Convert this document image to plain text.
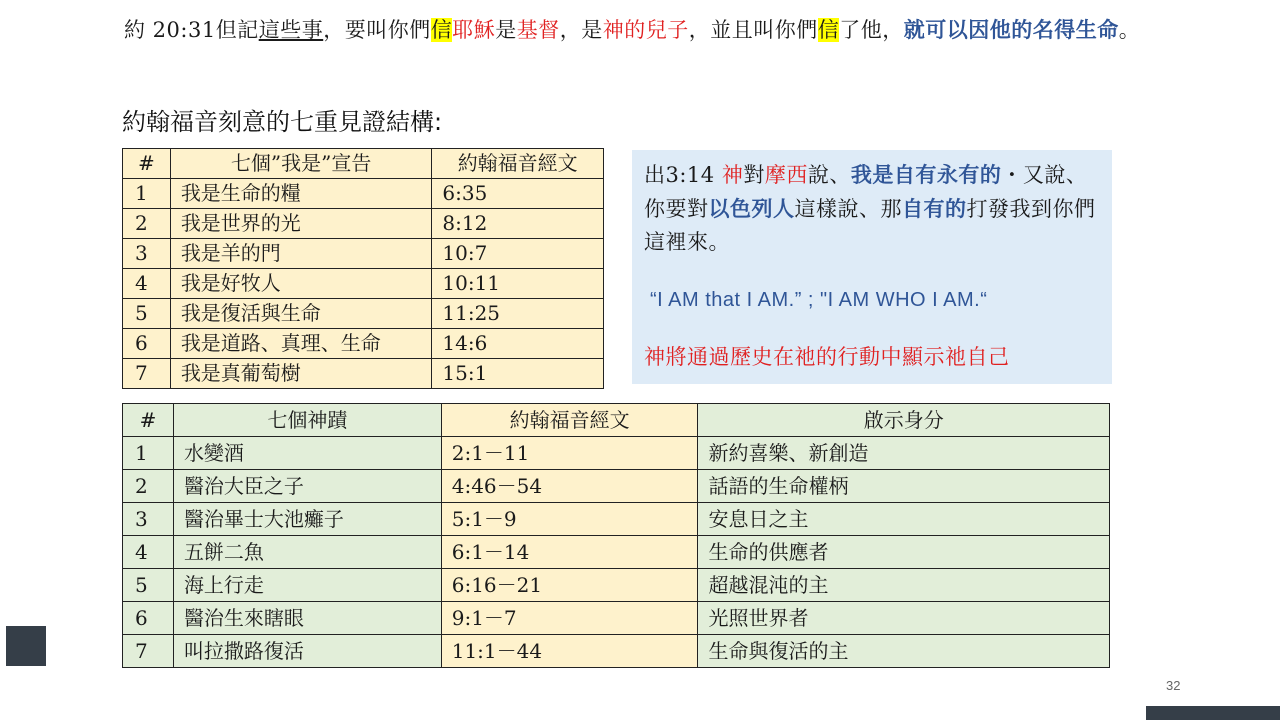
約 20:31但記這些事，要叫你們信耶穌是基督，是神的兒子，並且叫你們信了他，就可以因他的名得生命。
約翰福音刻意的七重見證結構:
#	七個”我是”宣告	約翰福音經文
1	我是生命的糧	6:35
2	我是世界的光	8:12
3	我是羊的門	10:7
4	我是好牧人	10:11
5	我是復活與生命	11:25
6	我是道路、真理、生命	14:6
7	我是真葡萄樹	15:1
出3:14 神對摩西說、我是自有永有的・又說、你要對以色列人這樣說、那自有的打發我到你們這裡來。
“I AM that I AM.” ; "I AM WHO I AM.“
神將通過歷史在祂的行動中顯示祂自己
#	七個神蹟	約翰福音經文	啟示身分
1	水變酒	2:1－11	新約喜樂、新創造
2	醫治大臣之子	4:46－54	話語的生命權柄
3	醫治畢士大池癱子	5:1－9	安息日之主
4	五餅二魚	6:1－14	生命的供應者
5	海上行走	6:16－21	超越混沌的主
6	醫治生來瞎眼	9:1－7	光照世界者
7	叫拉撒路復活	11:1－44	生命與復活的主
32
